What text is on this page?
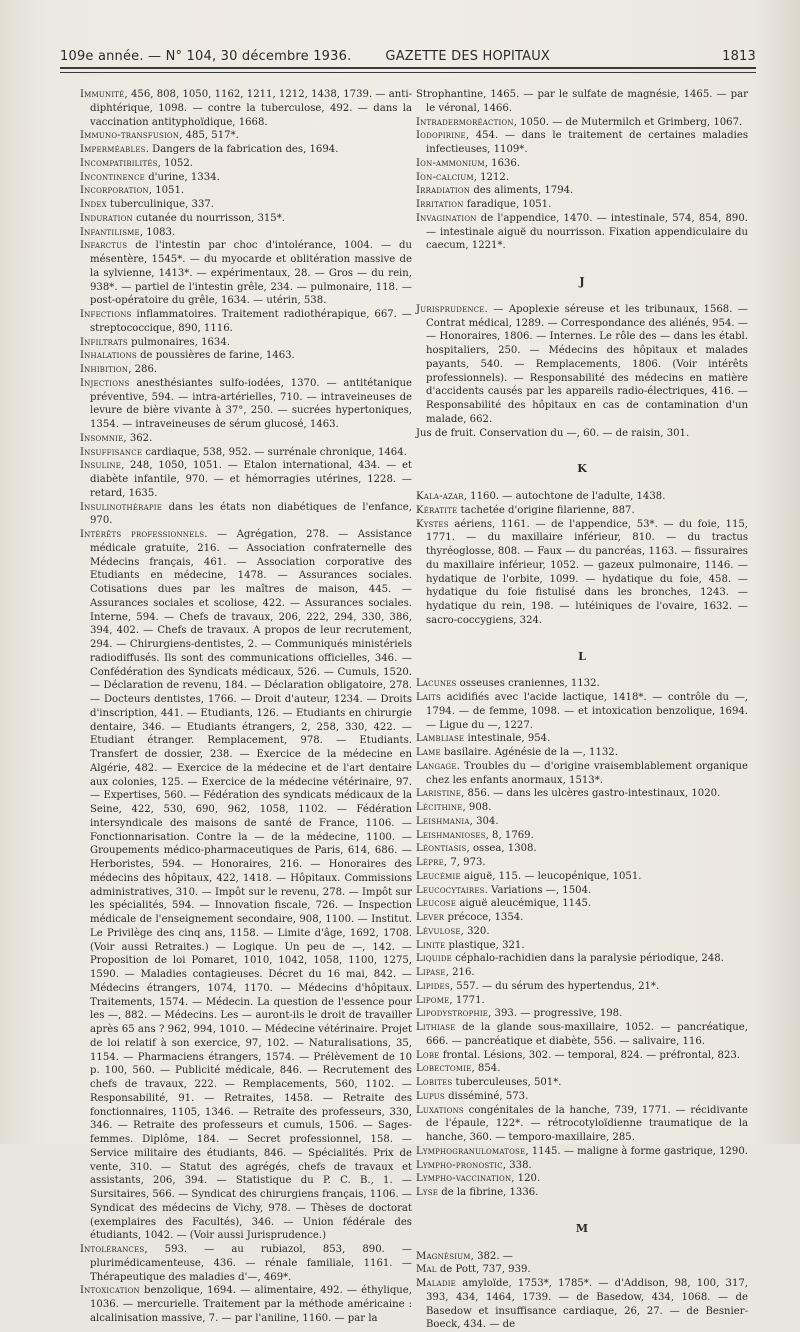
109e année. — N° 104, 30 décembre 1936.	GAZETTE DES HOPITAUX	1813

Immunité, 456, 808, 1050, 1162, 1211, 1212, 1438, 1739. — anti-diphtérique, 1098. — contre la tuberculose, 492. — dans la vaccination antityphoïdique, 1668.

Immuno-transfusion, 485, 517*.

Imperméables. Dangers de la fabrication des, 1694.

Incompatibilités, 1052.

Incontinence d'urine, 1334.

Incorporation, 1051.

Index tuberculinique, 337.

Induration cutanée du nourrisson, 315*.

Infantilisme, 1083.

Infarctus de l'intestin par choc d'intolérance, 1004. — du mésentère, 1545*. — du myocarde et oblitération massive de la sylvienne, 1413*. — expérimentaux, 28. — Gros — du rein, 938*. — partiel de l'intestin grêle, 234. — pulmonaire, 118. — post-opératoire du grêle, 1634. — utérin, 538.

Infections inflammatoires. Traitement radiothérapique, 667. — streptococcique, 890, 1116.

Infiltrats pulmonaires, 1634.

Inhalations de poussières de farine, 1463.

Inhibition, 286.

Injections anesthésiantes sulfo-iodées, 1370. — antitétanique préventive, 594. — intra-artérielles, 710. — intraveineuses de levure de bière vivante à 37°, 250. — sucrées hypertoniques, 1354. — intraveineuses de sérum glucosé, 1463.

Insomnie, 362.

Insuffisance cardiaque, 538, 952. — surrénale chronique, 1464.

Insuline, 248, 1050, 1051. — Etalon international, 434. — et diabète infantile, 970. — et hémorragies utérines, 1228. — retard, 1635.

Insulinothérapie dans les états non diabétiques de l'enfance, 970.

Intérêts professionnels. — Agrégation, 278. — Assistance médicale gratuite, 216. — Association confraternelle des Médecins français, 461. — Association corporative des Etudiants en médecine, 1478. — Assurances sociales. Cotisations dues par les maîtres de maison, 445. — Assurances sociales et scoliose, 422. — Assurances sociales. Interne, 594. — Chefs de travaux, 206, 222, 294, 330, 386, 394, 402. — Chefs de travaux. A propos de leur recrutement, 294. — Chirurgiens-dentistes, 2. — Communiqués ministériels radiodiffusés. Ils sont des communications officielles, 346. — Confédération des Syndicats médicaux, 526. — Cumuls, 1520. — Déclaration de revenu, 184. — Déclaration obligatoire, 278. — Docteurs dentistes, 1766. — Droit d'auteur, 1234. — Droits d'inscription, 441. — Etudiants, 126. — Etudiants en chirurgie dentaire, 346. — Etudiants étrangers, 2, 258, 330, 422. — Etudiant étranger. Remplacement, 978. — Etudiants. Transfert de dossier, 238. — Exercice de la médecine en Algérie, 482. — Exercice de la médecine et de l'art dentaire aux colonies, 125. — Exercice de la médecine vétérinaire, 97. — Expertises, 560. — Fédération des syndicats médicaux de la Seine, 422, 530, 690, 962, 1058, 1102. — Fédération intersyndicale des maisons de santé de France, 1106. — Fonctionnarisation. Contre la — de la médecine, 1100. — Groupements médico-pharmaceutiques de Paris, 614, 686. — Herboristes, 594. — Honoraires, 216. — Honoraires des médecins des hôpitaux, 422, 1418. — Hôpitaux. Commissions administratives, 310. — Impôt sur le revenu, 278. — Impôt sur les spécialités, 594. — Innovation fiscale, 726. — Inspection médicale de l'enseignement secondaire, 908, 1100. — Institut. Le Privilège des cinq ans, 1158. — Limite d'âge, 1692, 1708. (Voir aussi Retraites.) — Logique. Un peu de —, 142. — Proposition de loi Pomaret, 1010, 1042, 1058, 1100, 1275, 1590. — Maladies contagieuses. Décret du 16 mai, 842. — Médecins étrangers, 1074, 1170. — Médecins d'hôpitaux. Traitements, 1574. — Médecin. La question de l'essence pour les —, 882. — Médecins. Les — auront-ils le droit de travailler après 65 ans ? 962, 994, 1010. — Médecine vétérinaire. Projet de loi relatif à son exercice, 97, 102. — Naturalisations, 35, 1154. — Pharmaciens étrangers, 1574. — Prélèvement de 10 p. 100, 560. — Publicité médicale, 846. — Recrutement des chefs de travaux, 222. — Remplacements, 560, 1102. — Responsabilité, 91. — Retraites, 1458. — Retraite des fonctionnaires, 1105, 1346. — Retraite des professeurs, 330, 346. — Retraite des professeurs et cumuls, 1506. — Sages-femmes. Diplôme, 184. — Secret professionnel, 158. — Service militaire des étudiants, 846. — Spécialités. Prix de vente, 310. — Statut des agrégés, chefs de travaux et assistants, 206, 394. — Statistique du P. C. B., 1. — Sursitaires, 566. — Syndicat des chirurgiens français, 1106. — Syndicat des médecins de Vichy, 978. — Thèses de doctorat (exemplaires des Facultés), 346. — Union fédérale des étudiants, 1042. — (Voir aussi Jurisprudence.)

Intolérances, 593. — au rubiazol, 853, 890. — plurimédicamenteuse, 436. — rénale familiale, 1161. — Thérapeutique des maladies d'—, 469*.

Intoxication benzolique, 1694. — alimentaire, 492. — éthylique, 1036. — mercurielle. Traitement par la méthode américaine : alcalinisation massive, 7. — par l'aniline, 1160. — par la

Strophantine, 1465. — par le sulfate de magnésie, 1465. — par le véronal, 1466.

Intradermoréaction, 1050. — de Mutermilch et Grimberg, 1067.

Iodopirine, 454. — dans le traitement de certaines maladies infectieuses, 1109*.

Ion-ammonium, 1636.

Ion-calcium, 1212.

Irradiation des aliments, 1794.

Irritation faradique, 1051.

Invagination de l'appendice, 1470. — intestinale, 574, 854, 890. — intestinale aiguë du nourrisson. Fixation appendiculaire du caecum, 1221*.

J

Jurisprudence. — Apoplexie séreuse et les tribunaux, 1568. — Contrat médical, 1289. — Correspondance des aliénés, 954. — — Honoraires, 1806. — Internes. Le rôle des — dans les établ. hospitaliers, 250. — Médecins des hôpitaux et malades payants, 540. — Remplacements, 1806. (Voir intérêts professionnels). — Responsabilité des médecins en matière d'accidents causés par les appareils radio-électriques, 416. — Responsabilité des hôpitaux en cas de contamination d'un malade, 662.

Jus de fruit. Conservation du —, 60. — de raisin, 301.

K

Kala-azar, 1160. — autochtone de l'adulte, 1438.

Kératite tachetée d'origine filarienne, 887.

Kystes aériens, 1161. — de l'appendice, 53*. — du foie, 115, 1771. — du maxillaire inférieur, 810. — du tractus thyréoglosse, 808. — Faux — du pancréas, 1163. — fissuraires du maxillaire inférieur, 1052. — gazeux pulmonaire, 1146. — hydatique de l'orbite, 1099. — hydatique du foie, 458. — hydatique du foie fistulisé dans les bronches, 1243. — hydatique du rein, 198. — lutéiniques de l'ovaire, 1632. — sacro-coccygiens, 324.

L

Lacunes osseuses craniennes, 1132.

Laits acidifiés avec l'acide lactique, 1418*. — contrôle du —, 1794. — de femme, 1098. — et intoxication benzolique, 1694. — Ligue du —, 1227.

Lambliase intestinale, 954.

Lame basilaire. Agénésie de la —, 1132.

Langage. Troubles du — d'origine vraisemblablement organique chez les enfants anormaux, 1513*.

Laristine, 856. — dans les ulcères gastro-intestinaux, 1020.

Lécithine, 908.

Leishmania, 304.

Leishmanioses, 8, 1769.

Léontiasis, ossea, 1308.

Lèpre, 7, 973.

Leucémie aiguë, 115. — leucopénique, 1051.

Leucocytaires. Variations —, 1504.

Leucose aiguë aleucémique, 1145.

Lever précoce, 1354.

Lévulose, 320.

Linite plastique, 321.

Liquide céphalo-rachidien dans la paralysie périodique, 248.

Lipase, 216.

Lipides, 557. — du sérum des hypertendus, 21*.

Lipome, 1771.

Lipodystrophie, 393. — progressive, 198.

Lithiase de la glande sous-maxillaire, 1052. — pancréatique, 666. — pancréatique et diabète, 556. — salivaire, 116.

Lobe frontal. Lésions, 302. — temporal, 824. — préfrontal, 823.

Lobectomie, 854.

Lobites tuberculeuses, 501*.

Lupus disséminé, 573.

Luxations congénitales de la hanche, 739, 1771. — récidivante de l'épaule, 122*. — rétrocotyloïdienne traumatique de la hanche, 360. — temporo-maxillaire, 285.

Lymphogranulomatose, 1145. — maligne à forme gastrique, 1290.

Lympho-pronostic, 338.

Lympho-vaccination, 120.

Lyse de la fibrine, 1336.

M

Magnésium, 382. —

Mal de Pott, 737, 939.

Maladie amyloïde, 1753*, 1785*. — d'Addison, 98, 100, 317, 393, 434, 1464, 1739. — de Basedow, 434, 1068. — de Basedow et insuffisance cardiaque, 26, 27. — de Besnier-Boeck, 434. — de
